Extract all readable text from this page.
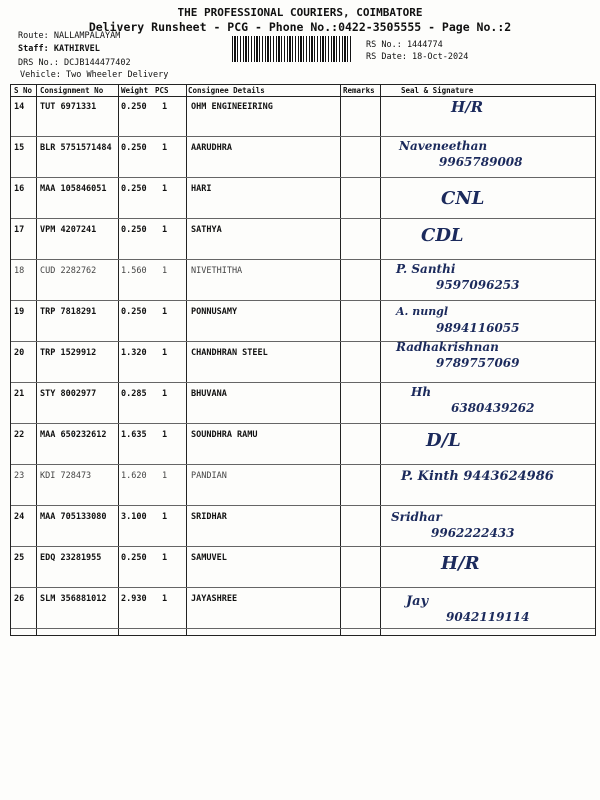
THE PROFESSIONAL COURIERS, COIMBATORE
Delivery Runsheet - PCG - Phone No.:0422-3505555 - Page No.:2
Route: NALLAMPALAYAM
Staff: KATHIRVEL
DRS No.: DCJB144477402
Vehicle: Two Wheeler Delivery
RS No.: 1444774
RS Date: 18-Oct-2024
S No Consignment No Weight PCS	Consignee Details	Remarks	Seal & Signature
14 TUT 6971331	0.250 1	OHM ENGINEEIRING	H/R
15 BLR 5751571484 0.250 1	AARUDHRA	Naveneethan
9965789008
16 MAA 105846051 0.250 1	HARI	CNL
17 VPM 4207241	0.250 1	SATHYA	CDL
18 CUD 2282762	1.560 1	NIVETHITHA	P. Santhi
9597096253
19 TRP 7818291	0.250 1	PONNUSAMY	A. nungl
9894116055
20 TRP 1529912	1.320 1	CHANDHRAN STEEL	Radhakrishnan
9789757069
21 STY 8002977	0.285 1	BHUVANA	Hh
6380439262
22 MAA 650232612 1.635 1	SOUNDHRA RAMU	D/L
23 KDI 728473	1.620 1	PANDIAN	P. Kinth 9443624986
24 MAA 705133080 3.100 1	SRIDHAR	Sridhar
9962222433
25 EDQ 23281955 0.250 1	SAMUVEL	H/R
26 SLM 356881012 2.930 1	JAYASHREE	Jay
9042119114
